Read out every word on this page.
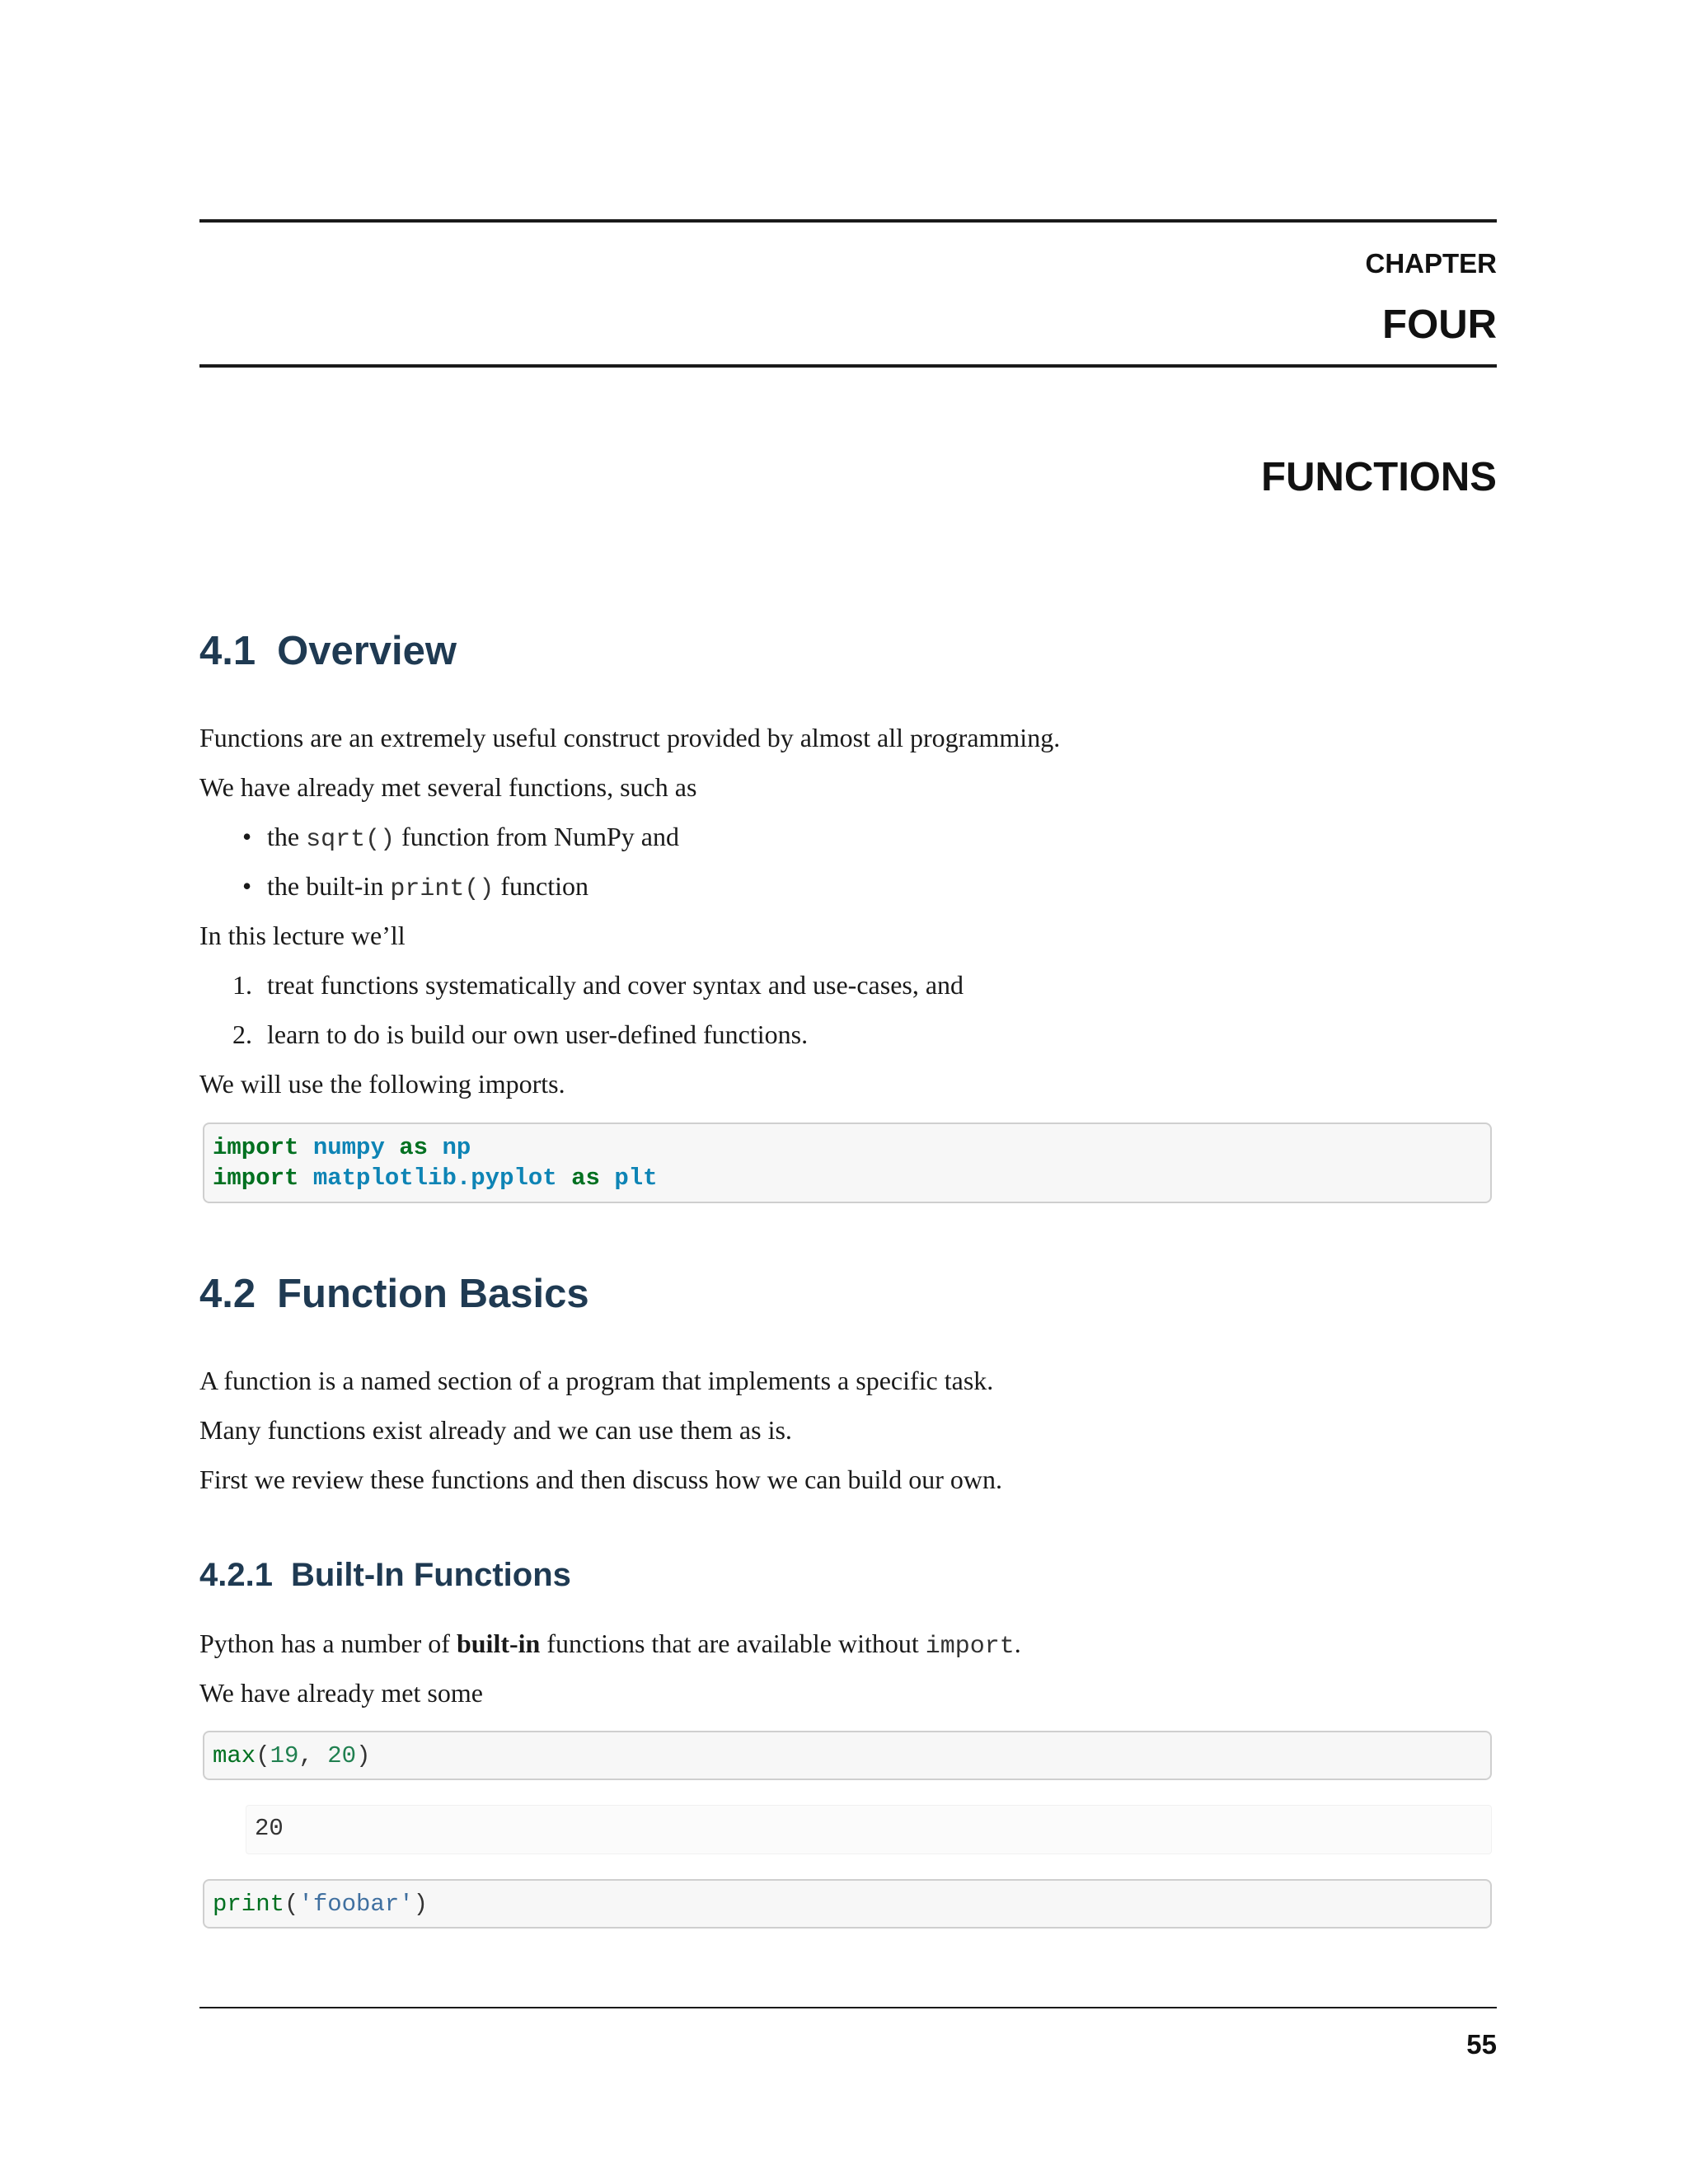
CHAPTER
FOUR
FUNCTIONS
4.1 Overview
Functions are an extremely useful construct provided by almost all programming.
We have already met several functions, such as
• the sqrt() function from NumPy and
• the built-in print() function
In this lecture we’ll
1. treat functions systematically and cover syntax and use-cases, and
2. learn to do is build our own user-defined functions.
We will use the following imports.
import numpy as np
import matplotlib.pyplot as plt
4.2 Function Basics
A function is a named section of a program that implements a specific task.
Many functions exist already and we can use them as is.
First we review these functions and then discuss how we can build our own.
4.2.1 Built-In Functions
Python has a number of built-in functions that are available without import.
We have already met some
max(19, 20)
20
print('foobar')
55
